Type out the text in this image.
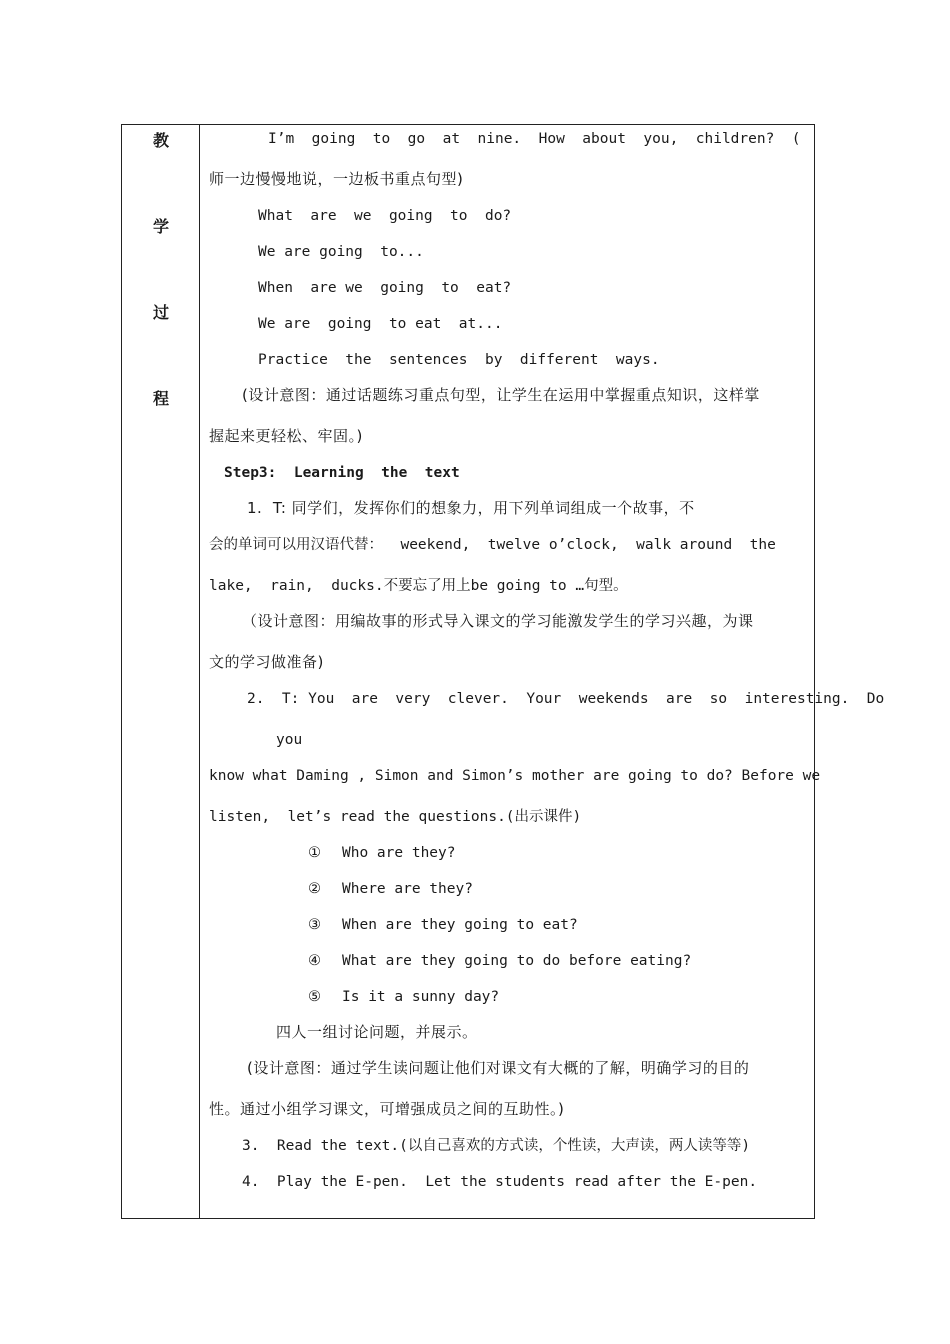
教
学
过
程
I’m  going  to  go  at  nine.  How  about  you,  children?  (
师一边慢慢地说，一边板书重点句型)
What  are  we  going  to  do?
We are going  to...
When  are we  going  to  eat?
We are  going  to eat  at...
Practice  the  sentences  by  different  ways.
(设计意图：通过话题练习重点句型，让学生在运用中掌握重点知识，这样掌
握起来更轻松、牢固。)
Step3:  Learning  the  text
1.  T: 同学们，发挥你们的想象力，用下列单词组成一个故事，不
会的单词可以用汉语代替：  weekend,  twelve o’clock,  walk around  the
lake,  rain,  ducks.不要忘了用上be going to …句型。
（设计意图：用编故事的形式导入课文的学习能激发学生的学习兴趣，为课
文的学习做准备)
2.  T: You  are  very  clever.  Your  weekends  are  so  interesting.  Do
you
know what Daming , Simon and Simon’s mother are going to do? Before we
listen,  let’s read the questions.(出示课件)
① Who are they?
② Where are they?
③ When are they going to eat?
④ What are they going to do before eating?
⑤ Is it a sunny day?
四人一组讨论问题，并展示。
(设计意图：通过学生读问题让他们对课文有大概的了解，明确学习的目的
性。通过小组学习课文，可增强成员之间的互助性。)
3.  Read the text.(以自己喜欢的方式读，个性读，大声读，两人读等等)
4.  Play the E-pen.  Let the students read after the E-pen.
